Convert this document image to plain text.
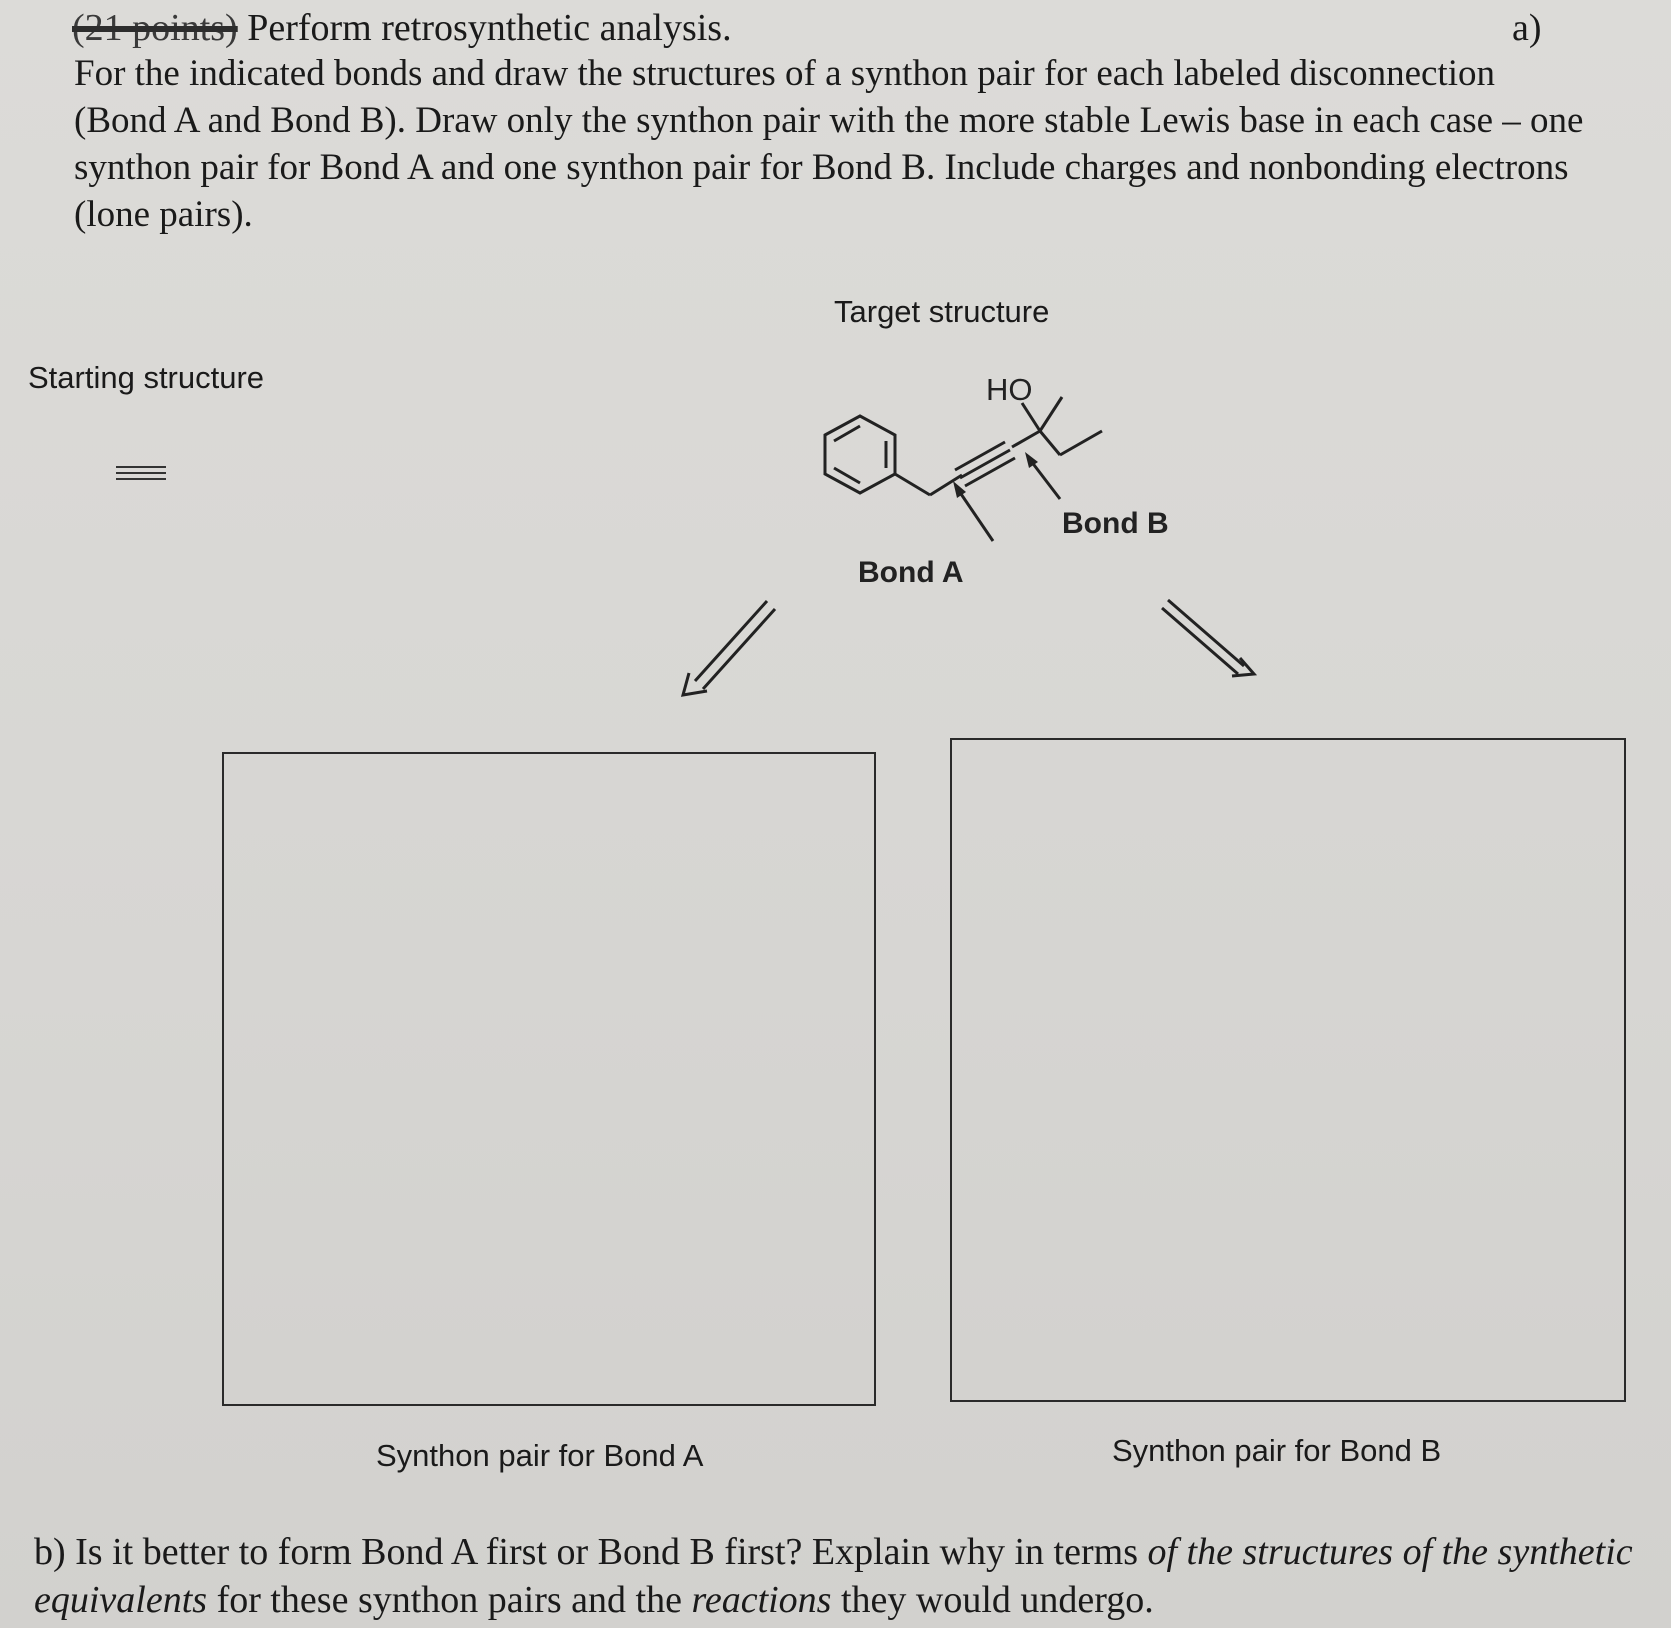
(21 points) Perform retrosynthetic analysis.	a)
For the indicated bonds and draw the structures of a synthon pair for each labeled disconnection (Bond A and Bond B). Draw only the synthon pair with the more stable Lewis base in each case – one synthon pair for Bond A and one synthon pair for Bond B. Include charges and nonbonding electrons (lone pairs).
Target structure
Starting structure	HO
Bond A
Bond B
Synthon pair for Bond A	Synthon pair for Bond B
b) Is it better to form Bond A first or Bond B first? Explain why in terms of the structures of the synthetic equivalents for these synthon pairs and the reactions they would undergo.
